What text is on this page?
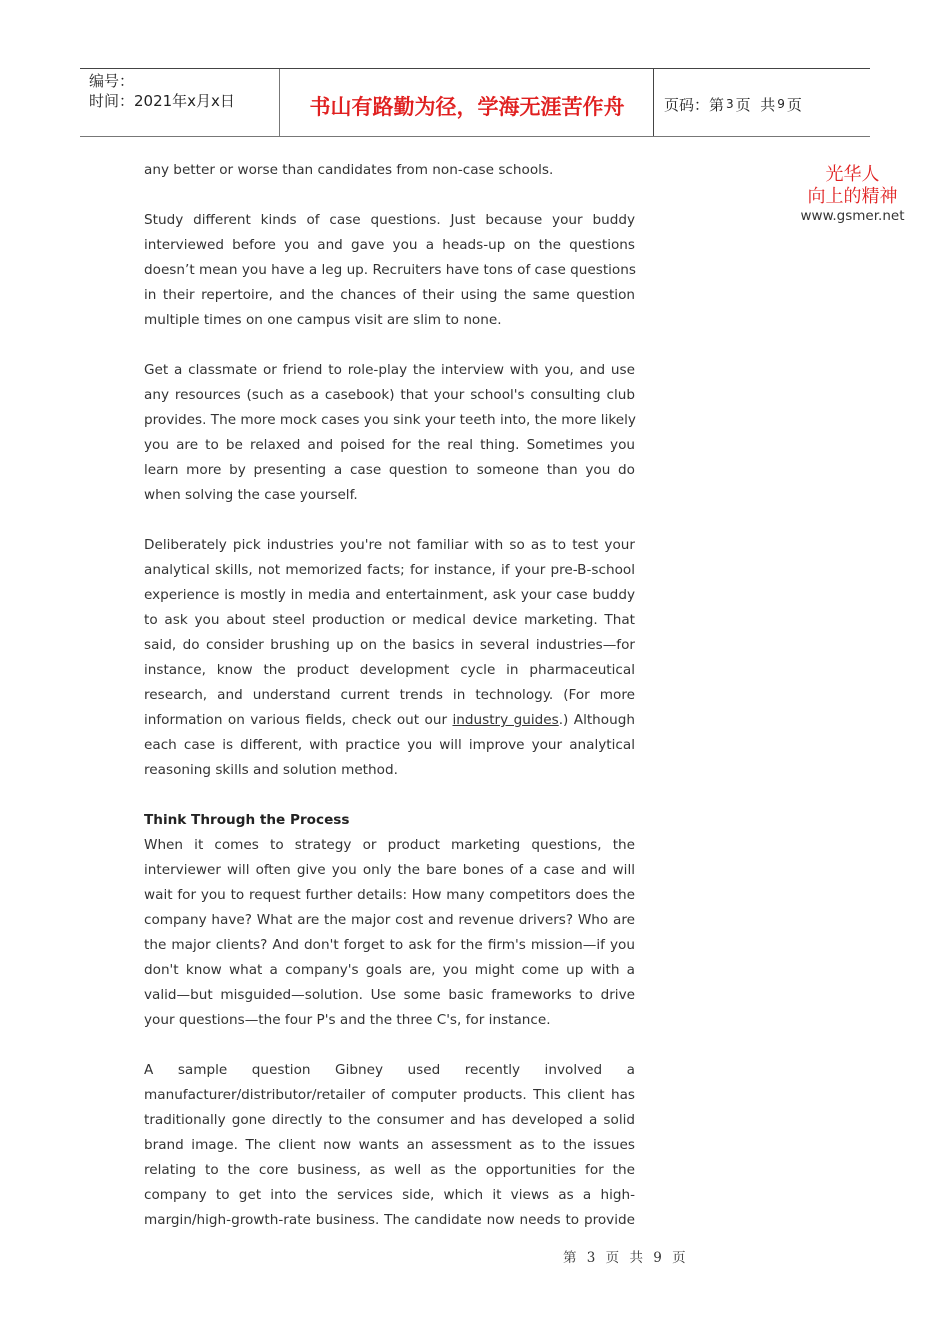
编号：
时间：2021年x月x日	书山有路勤为径，学海无涯苦作舟	页码：第 3 页  共 9 页
光华人
向上的精神
www.gsmer.net
any better or worse than candidates from non-case schools.
Study different kinds of case questions. Just because your buddy
interviewed before you and gave you a heads-up on the questions
doesn’t mean you have a leg up. Recruiters have tons of case questions
in their repertoire, and the chances of their using the same question
multiple times on one campus visit are slim to none.
Get a classmate or friend to role-play the interview with you, and use
any resources (such as a casebook) that your school's consulting club
provides. The more mock cases you sink your teeth into, the more likely
you are to be relaxed and poised for the real thing. Sometimes you
learn more by presenting a case question to someone than you do
when solving the case yourself.
Deliberately pick industries you're not familiar with so as to test your
analytical skills, not memorized facts; for instance, if your pre-B-school
experience is mostly in media and entertainment, ask your case buddy
to ask you about steel production or medical device marketing. That
said, do consider brushing up on the basics in several industries—for
instance, know the product development cycle in pharmaceutical
research, and understand current trends in technology. (For more
information on various fields, check out our industry guides.) Although
each case is different, with practice you will improve your analytical
reasoning skills and solution method.
Think Through the Process
When it comes to strategy or product marketing questions, the
interviewer will often give you only the bare bones of a case and will
wait for you to request further details: How many competitors does the
company have? What are the major cost and revenue drivers? Who are
the major clients? And don't forget to ask for the firm's mission—if you
don't know what a company's goals are, you might come up with a
valid—but misguided—solution. Use some basic frameworks to drive
your questions—the four P's and the three C's, for instance.
A sample question Gibney used recently involved a
manufacturer/distributor/retailer of computer products. This client has
traditionally gone directly to the consumer and has developed a solid
brand image. The client now wants an assessment as to the issues
relating to the core business, as well as the opportunities for the
company to get into the services side, which it views as a high-
margin/high-growth-rate business. The candidate now needs to provide
第 3 页 共 9 页
